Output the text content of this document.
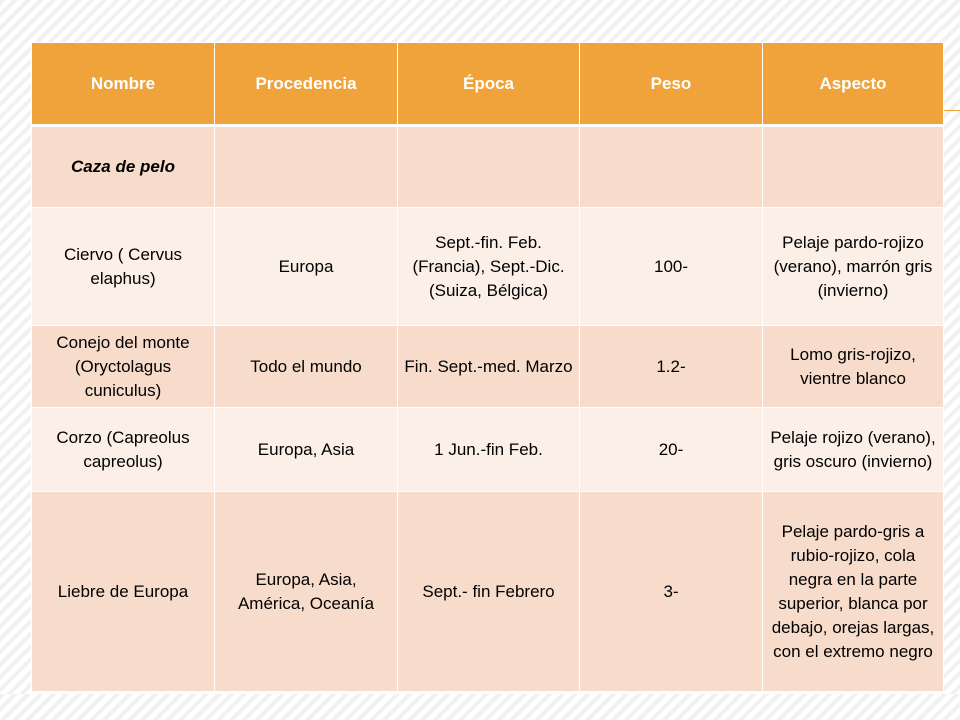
Nombre	Procedencia	Época	Peso	Aspecto
Caza de pelo				
Ciervo ( Cervus elaphus)	Europa	Sept.-fin. Feb. (Francia), Sept.-Dic. (Suiza, Bélgica)	100-	Pelaje pardo-rojizo (verano), marrón gris (invierno)
Conejo del monte (Oryctolagus cuniculus)	Todo el mundo	Fin. Sept.-med. Marzo	1.2-	Lomo gris-rojizo, vientre blanco
Corzo (Capreolus capreolus)	Europa, Asia	1 Jun.-fin Feb.	20-	Pelaje rojizo (verano), gris oscuro (invierno)
Liebre de Europa	Europa, Asia, América, Oceanía	Sept.- fin Febrero	3-	Pelaje pardo-gris a rubio-rojizo, cola negra en la parte superior, blanca por debajo, orejas largas, con el extremo negro
